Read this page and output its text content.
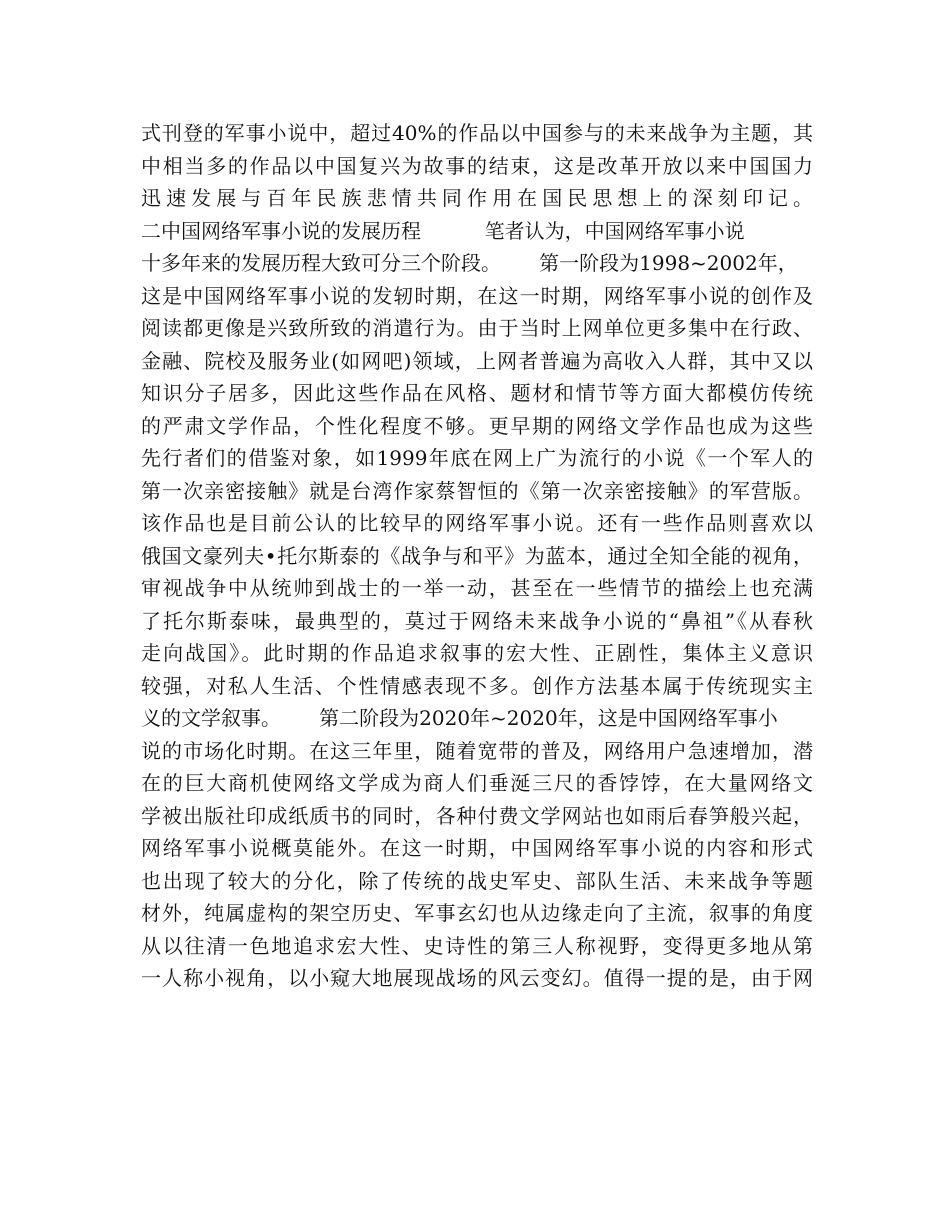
式刊登的军事小说中，超过40%的作品以中国参与的未来战争为主题，其
中相当多的作品以中国复兴为故事的结束，这是改革开放以来中国国力
迅速发展与百年民族悲情共同作用在国民思想上的深刻印记。
二中国网络军事小说的发展历程          笔者认为，中国网络军事小说
十多年来的发展历程大致可分三个阶段。      第一阶段为1998~2002年，
这是中国网络军事小说的发轫时期，在这一时期，网络军事小说的创作及
阅读都更像是兴致所致的消遣行为。由于当时上网单位更多集中在行政、
金融、院校及服务业(如网吧)领域，上网者普遍为高收入人群，其中又以
知识分子居多，因此这些作品在风格、题材和情节等方面大都模仿传统
的严肃文学作品，个性化程度不够。更早期的网络文学作品也成为这些
先行者们的借鉴对象，如1999年底在网上广为流行的小说《一个军人的
第一次亲密接触》就是台湾作家蔡智恒的《第一次亲密接触》的军营版。
该作品也是目前公认的比较早的网络军事小说。还有一些作品则喜欢以
俄国文豪列夫•托尔斯泰的《战争与和平》为蓝本，通过全知全能的视角，
审视战争中从统帅到战士的一举一动，甚至在一些情节的描绘上也充满
了托尔斯泰味，最典型的，莫过于网络未来战争小说的“鼻祖”《从春秋
走向战国》。此时期的作品追求叙事的宏大性、正剧性，集体主义意识
较强，对私人生活、个性情感表现不多。创作方法基本属于传统现实主
义的文学叙事。      第二阶段为2020年~2020年，这是中国网络军事小
说的市场化时期。在这三年里，随着宽带的普及，网络用户急速增加，潜
在的巨大商机使网络文学成为商人们垂涎三尺的香饽饽，在大量网络文
学被出版社印成纸质书的同时，各种付费文学网站也如雨后春笋般兴起，
网络军事小说概莫能外。在这一时期，中国网络军事小说的内容和形式
也出现了较大的分化，除了传统的战史军史、部队生活、未来战争等题
材外，纯属虚构的架空历史、军事玄幻也从边缘走向了主流，叙事的角度
从以往清一色地追求宏大性、史诗性的第三人称视野，变得更多地从第
一人称小视角，以小窥大地展现战场的风云变幻。值得一提的是，由于网
